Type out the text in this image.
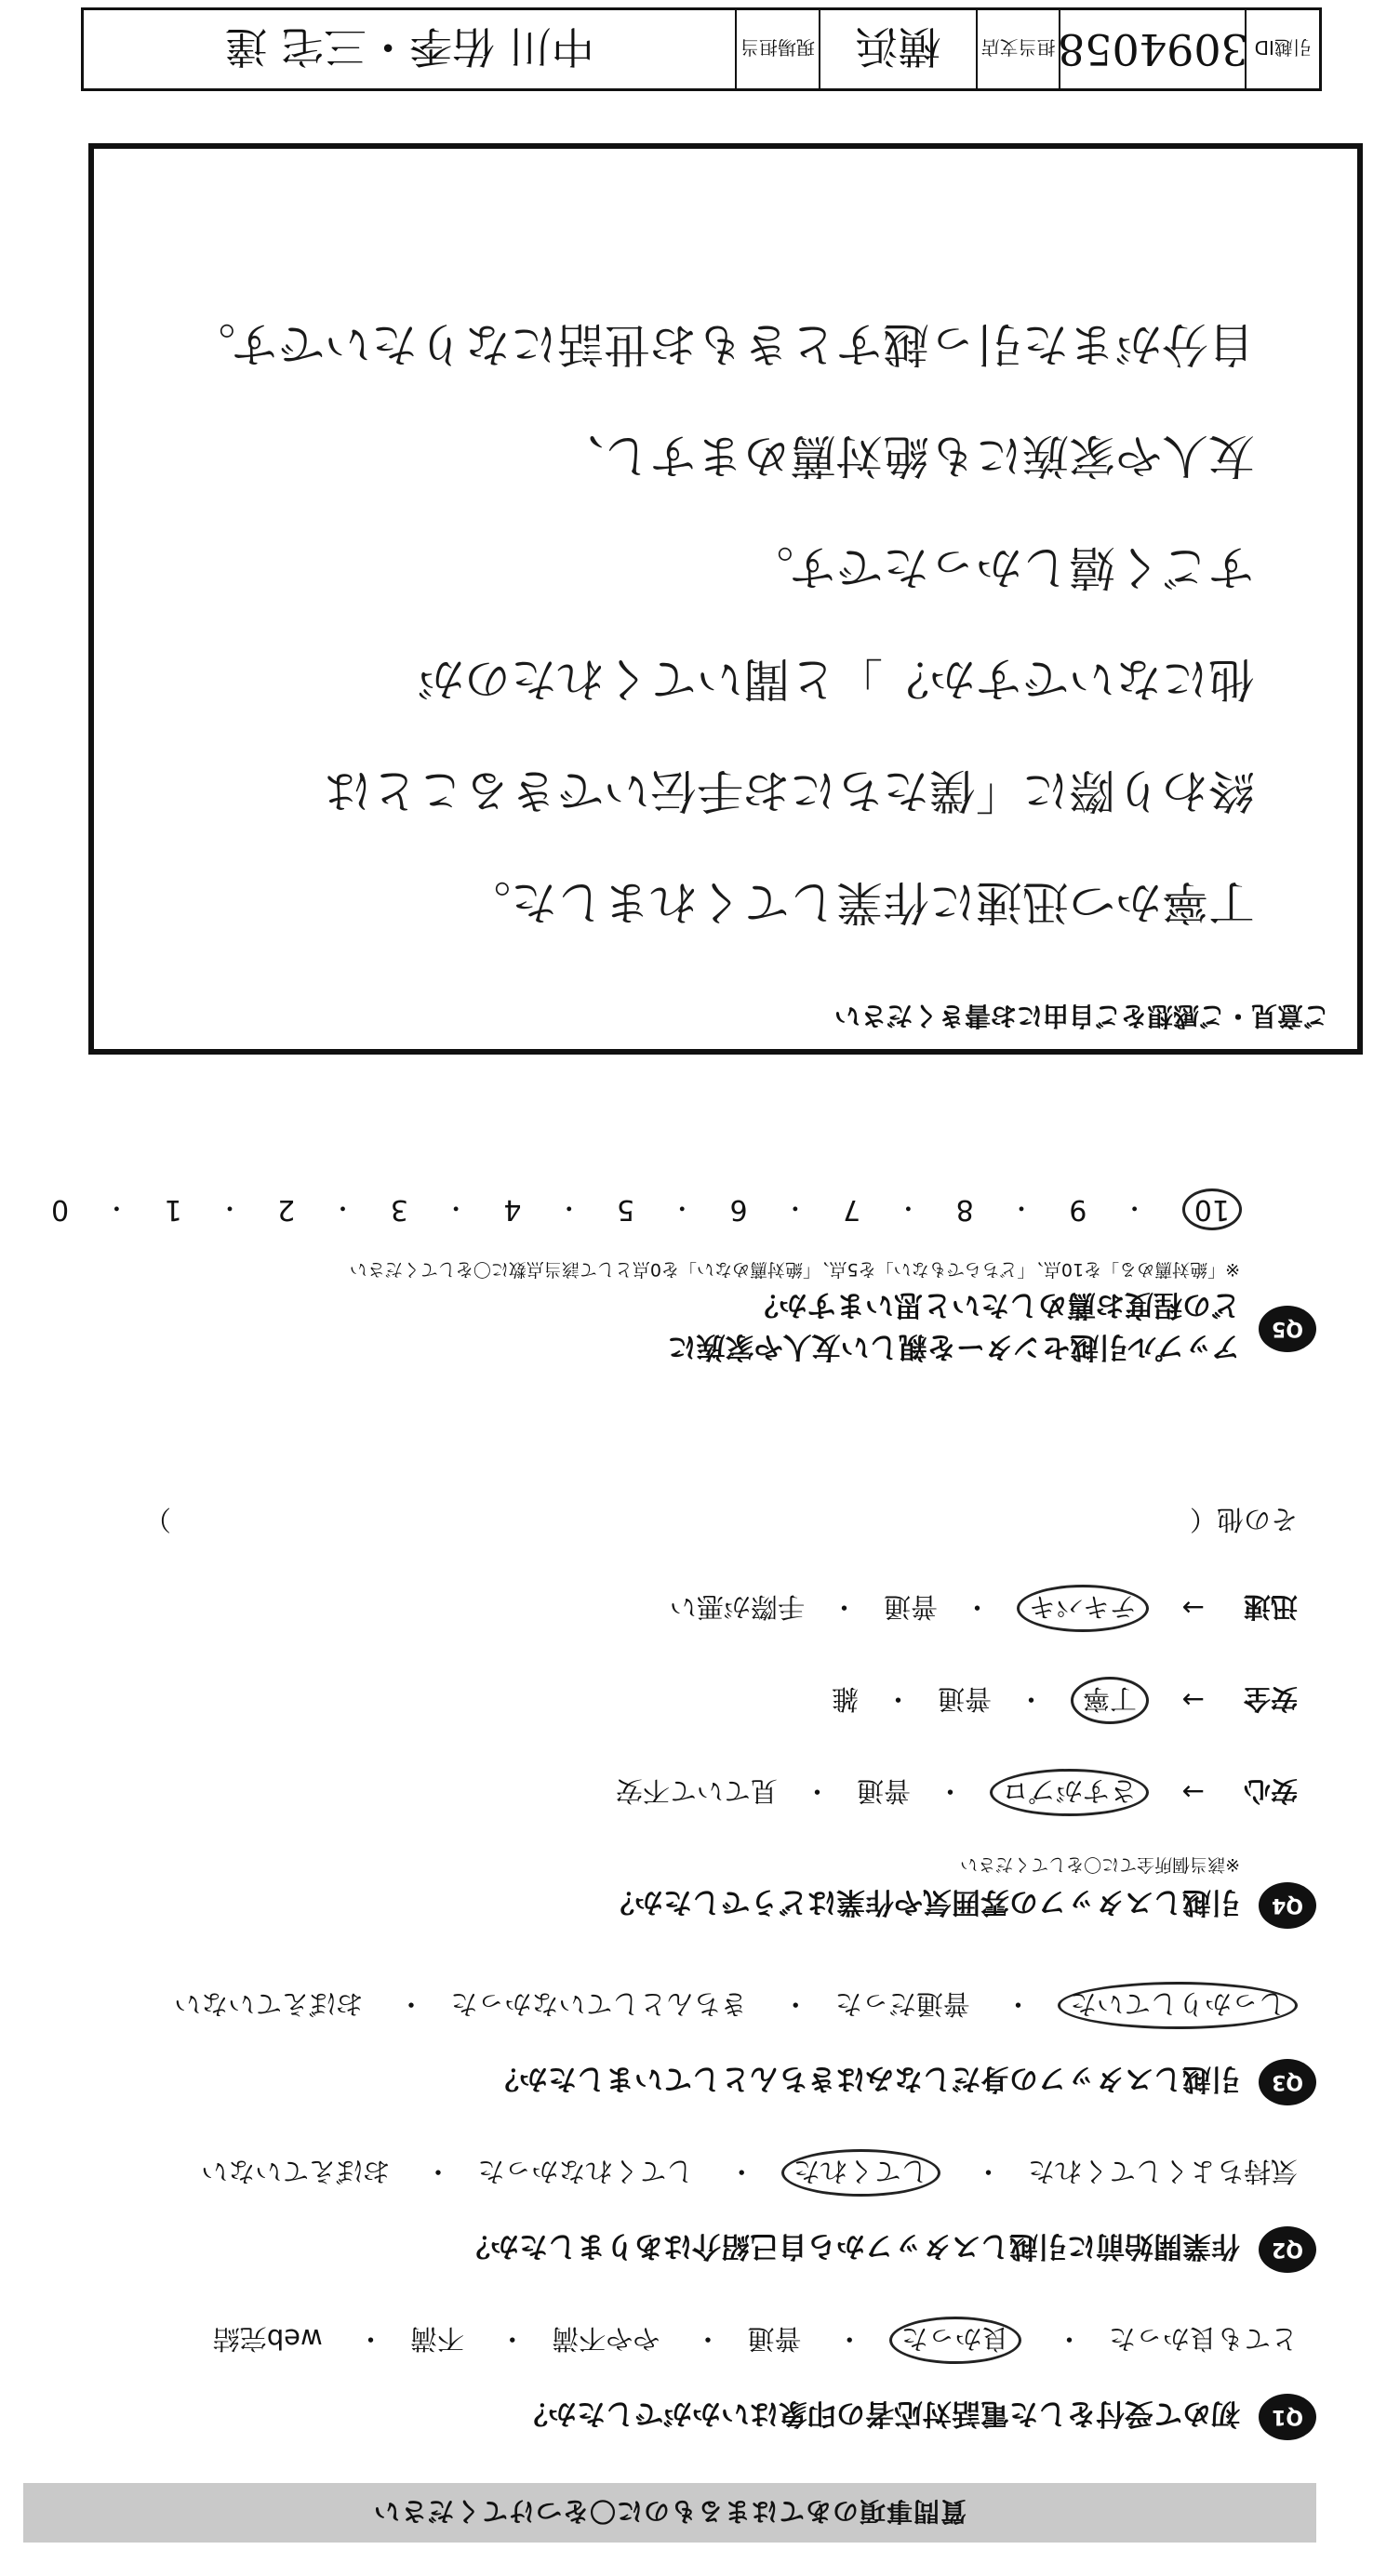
引越ID
3094058
担当支店
横浜
現場担当
中川 佑季・三宅 達
質問事項のあてはまるものに〇をつけてください
Q1
初めて受付をした電話対応者の印象はいかがでしたか？
とても良かった・ 良かった・ 普通・ やや不満・ 不満・ web完結
Q2
作業開始前に引越しスタッフから自己紹介はありましたか？
気持ちよくしてくれた・ してくれた・ してくれなかった・ おぼえていない
Q3
引越しスタッフの身だしなみはきちんとしていましたか？
しっかりしていた・ 普通だった・ きちんとしていなかった・ おぼえていない
Q4
引越しスタッフの雰囲気や作業はどうでしたか？
※該当個所全てに〇をしてください
安心
→
さすがプロ
・
普通
・
見ていて不安
安全
→
丁寧
・
普通
・
雑
迅速
→
テキパキ
・
普通
・
手際が悪い
その他（
）
Q5
アップル引越センターを親しい友人や家族に
どの程度お薦めしたいと思いますか？
※「絶対薦める」を10点、「どちらでもない」を5点、「絶対薦めない」を0点として該当点数に〇をしてください
10
・
9
・
8
・
7
・
6
・
5
・
4
・
3
・
2
・
1
・
0
ご意見・ご感想をご自由にお書きください
丁寧かつ迅速に作業してくれました。
終わり際に「僕たちにお手伝いできることは
他にないですか？」と聞いてくれたのが
すごく嬉しかったです。
友人や家族にも絶対薦めますし、
自分がまた引っ越すときもお世話になりたいです。
